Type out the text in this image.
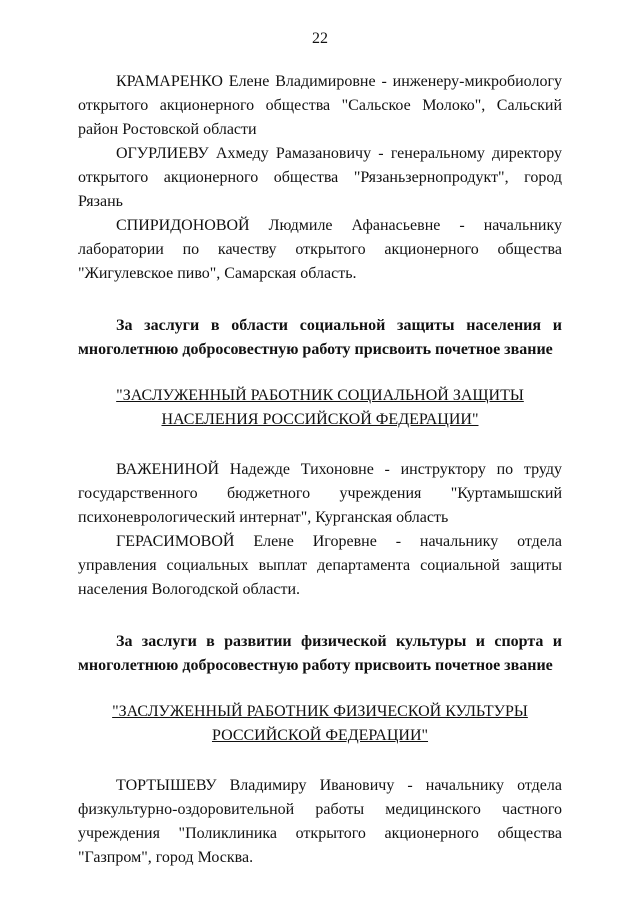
22

КРАМАРЕНКО Елене Владимировне - инженеру-микробиологу открытого акционерного общества "Сальское Молоко", Сальский район Ростовской области

ОГУРЛИЕВУ Ахмеду Рамазановичу - генеральному директору открытого акционерного общества "Рязаньзернопродукт", город Рязань

СПИРИДОНОВОЙ Людмиле Афанасьевне - начальнику лаборатории по качеству открытого акционерного общества "Жигулевское пиво", Самарская область.

За заслуги в области социальной защиты населения и многолетнюю добросовестную работу присвоить почетное звание

"ЗАСЛУЖЕННЫЙ РАБОТНИК СОЦИАЛЬНОЙ ЗАЩИТЫ
НАСЕЛЕНИЯ РОССИЙСКОЙ ФЕДЕРАЦИИ"

ВАЖЕНИНОЙ Надежде Тихоновне - инструктору по труду государственного бюджетного учреждения "Куртамышский психоневрологический интернат", Курганская область

ГЕРАСИМОВОЙ Елене Игоревне - начальнику отдела управления социальных выплат департамента социальной защиты населения Вологодской области.

За заслуги в развитии физической культуры и спорта и многолетнюю добросовестную работу присвоить почетное звание

"ЗАСЛУЖЕННЫЙ РАБОТНИК ФИЗИЧЕСКОЙ КУЛЬТУРЫ
РОССИЙСКОЙ ФЕДЕРАЦИИ"

ТОРТЫШЕВУ Владимиру Ивановичу - начальнику отдела физкультурно-оздоровительной работы медицинского частного учреждения "Поликлиника открытого акционерного общества "Газпром", город Москва.
